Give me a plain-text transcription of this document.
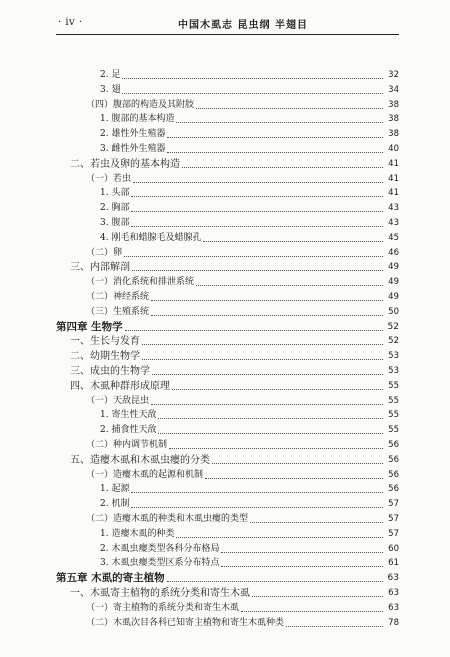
· iv ·	中国木虱志 昆虫纲 半翅目
2. 足	32
3. 翅	34
（四）腹部的构造及其附肢	38
1. 腹部的基本构造	38
2. 雄性外生殖器	38
3. 雌性外生殖器	40
二、若虫及卵的基本构造	41
（一）若虫	41
1. 头部	41
2. 胸部	43
3. 腹部	43
4. 刚毛和蜡腺毛及蜡腺孔	45
（二）卵	46
三、内部解剖	49
（一）消化系统和排泄系统	49
（二）神经系统	49
（三）生殖系统	50
第四章 生物学	52
一、生长与发育	52
二、幼期生物学	53
三、成虫的生物学	53
四、木虱种群形成原理	55
（一）天敌昆虫	55
1. 寄生性天敌	55
2. 捕食性天敌	55
（二）种内调节机制	56
五、造瘿木虱和木虱虫瘿的分类	56
（一）造瘿木虱的起源和机制	56
1. 起源	56
2. 机制	57
（二）造瘿木虱的种类和木虱虫瘿的类型	57
1. 造瘿木虱的种类	57
2. 木虱虫瘿类型各科分布格局	60
3. 木虱虫瘿类型区系分布特点	61
第五章 木虱的寄主植物	63
一、木虱寄主植物的系统分类和寄生木虱	63
（一）寄主植物的系统分类和寄生木虱	63
（二）木虱次目各科已知寄主植物和寄生木虱种类	78
